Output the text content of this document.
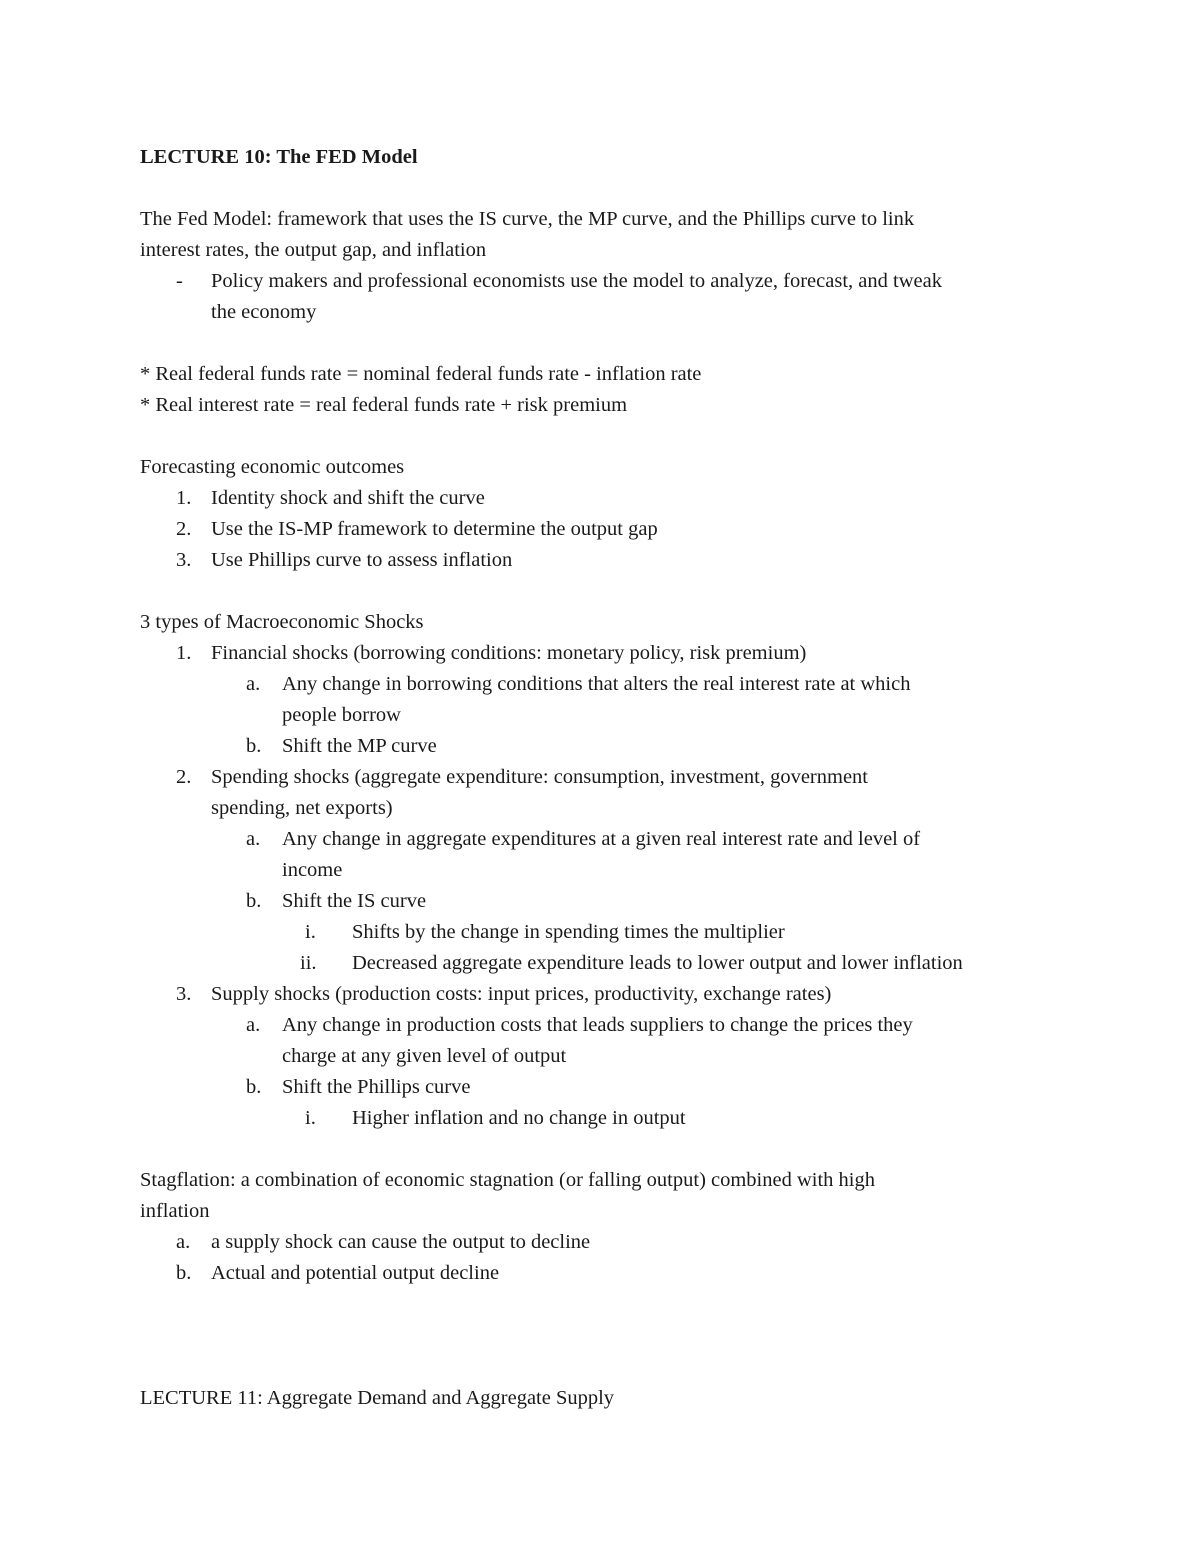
LECTURE 10: The FED Model
The Fed Model: framework that uses the IS curve, the MP curve, and the Phillips curve to link
interest rates, the output gap, and inflation
- Policy makers and professional economists use the model to analyze, forecast, and tweak
the economy
* Real federal funds rate = nominal federal funds rate - inflation rate
* Real interest rate = real federal funds rate + risk premium
Forecasting economic outcomes
1. Identity shock and shift the curve
2. Use the IS-MP framework to determine the output gap
3. Use Phillips curve to assess inflation
3 types of Macroeconomic Shocks
1. Financial shocks (borrowing conditions: monetary policy, risk premium)
a. Any change in borrowing conditions that alters the real interest rate at which
people borrow
b. Shift the MP curve
2. Spending shocks (aggregate expenditure: consumption, investment, government
spending, net exports)
a. Any change in aggregate expenditures at a given real interest rate and level of
income
b. Shift the IS curve
i. Shifts by the change in spending times the multiplier
ii. Decreased aggregate expenditure leads to lower output and lower inflation
3. Supply shocks (production costs: input prices, productivity, exchange rates)
a. Any change in production costs that leads suppliers to change the prices they
charge at any given level of output
b. Shift the Phillips curve
i. Higher inflation and no change in output
Stagflation: a combination of economic stagnation (or falling output) combined with high
inflation
a. a supply shock can cause the output to decline
b. Actual and potential output decline
LECTURE 11: Aggregate Demand and Aggregate Supply
